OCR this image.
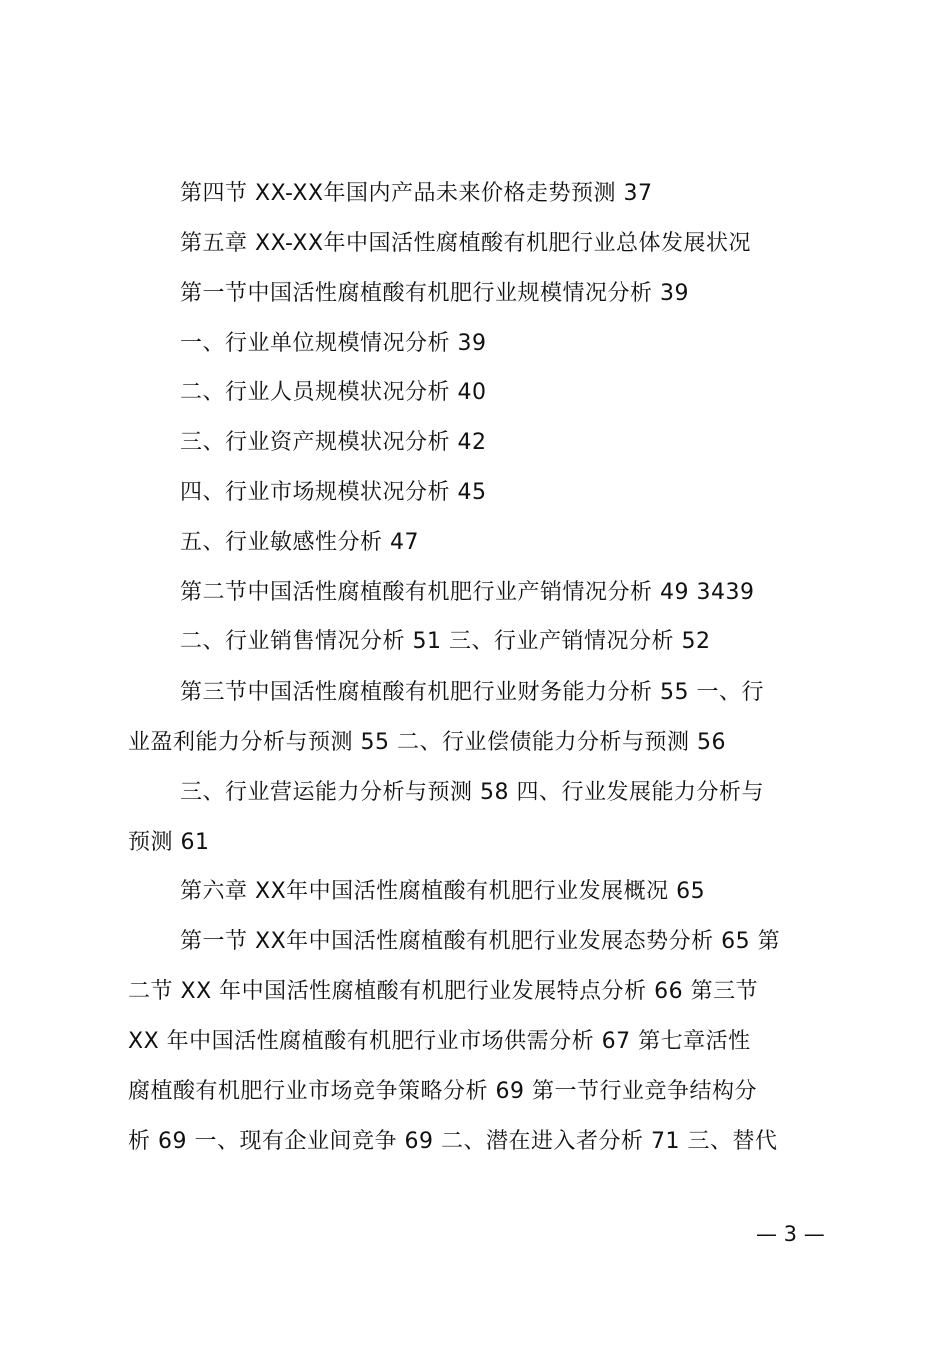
第四节 XX-XX年国内产品未来价格走势预测 37
第五章 XX-XX年中国活性腐植酸有机肥行业总体发展状况
第一节中国活性腐植酸有机肥行业规模情况分析 39
一、行业单位规模情况分析 39
二、行业人员规模状况分析 40
三、行业资产规模状况分析 42
四、行业市场规模状况分析 45
五、行业敏感性分析 47
第二节中国活性腐植酸有机肥行业产销情况分析 49 3439
二、行业销售情况分析 51 三、行业产销情况分析 52
第三节中国活性腐植酸有机肥行业财务能力分析 55 一、行
业盈利能力分析与预测 55 二、行业偿债能力分析与预测 56
三、行业营运能力分析与预测 58 四、行业发展能力分析与
预测 61
第六章 XX年中国活性腐植酸有机肥行业发展概况 65
第一节 XX年中国活性腐植酸有机肥行业发展态势分析 65 第
二节 XX 年中国活性腐植酸有机肥行业发展特点分析 66 第三节
XX 年中国活性腐植酸有机肥行业市场供需分析 67 第七章活性
腐植酸有机肥行业市场竞争策略分析 69 第一节行业竞争结构分
析 69 一、现有企业间竞争 69 二、潜在进入者分析 71 三、替代
— 3 —
